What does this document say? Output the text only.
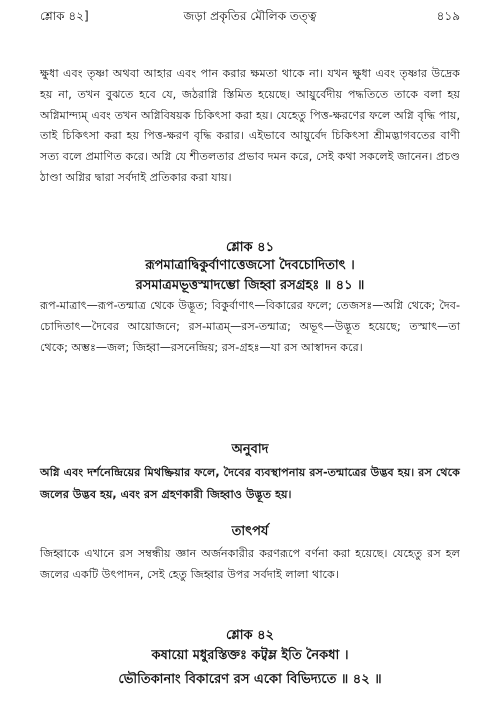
শ্লোক ৪২]	জড়া প্রকৃতির মৌলিক তত্ত্ব	৪১৯

ক্ষুধা এবং তৃষ্ণা অথবা আহার এবং পান করার ক্ষমতা থাকে না। যখন ক্ষুধা এবং তৃষ্ণার উদ্রেক হয় না, তখন বুঝতে হবে যে, জঠরাগ্নি স্তিমিত হয়েছে। আয়ুর্বেদীয় পদ্ধতিতে তাকে বলা হয় অগ্নিমান্দ্যম্ এবং তখন অগ্নিবিষয়ক চিকিৎসা করা হয়। যেহেতু পিত্ত-ক্ষরণের ফলে অগ্নি বৃদ্ধি পায়, তাই চিকিৎসা করা হয় পিত্ত-ক্ষরণ বৃদ্ধি করার। এইভাবে আয়ুর্বেদ চিকিৎসা শ্রীমদ্ভাগবতের বাণী সত্য বলে প্রমাণিত করে। অগ্নি যে শীতলতার প্রভাব দমন করে, সেই কথা সকলেই জানেন। প্রচণ্ড ঠাণ্ডা অগ্নির দ্বারা সর্বদাই প্রতিকার করা যায়।

শ্লোক ৪১

রূপমাত্রাদ্বিকুর্বাণাত্তেজসো দৈবচোদিতাৎ ।

রসমাত্রমভূত্তস্মাদম্ভো জিহ্বা রসগ্রহঃ ॥ ৪১ ॥

রূপ-মাত্রাৎ—রূপ-তন্মাত্র থেকে উদ্ভূত; বিকুর্বাণাৎ—বিকারের ফলে; তেজসঃ—অগ্নি থেকে; দৈব-চোদিতাৎ—দৈবের আয়োজনে; রস-মাত্রম্—রস-তন্মাত্র; অভূৎ—উদ্ভূত হয়েছে; তস্মাৎ—তা থেকে; অম্ভঃ—জল; জিহ্বা—রসনেন্দ্রিয়; রস-গ্রহঃ—যা রস আস্বাদন করে।

অনুবাদ

অগ্নি এবং দর্শনেন্দ্রিয়ের মিথষ্ক্রিয়ার ফলে, দৈবের ব্যবস্থাপনায় রস-তন্মাত্রের উদ্ভব হয়। রস থেকে জলের উদ্ভব হয়, এবং রস গ্রহণকারী জিহ্বাও উদ্ভূত হয়।

তাৎপর্য

জিহ্বাকে এখানে রস সম্বন্ধীয় জ্ঞান অর্জনকারীর করণরূপে বর্ণনা করা হয়েছে। যেহেতু রস হল জলের একটি উৎপাদন, সেই হেতু জিহ্বার উপর সর্বদাই লালা থাকে।

শ্লোক ৪২

কষায়ো মধুরস্তিক্তঃ কট্বম্ল ইতি নৈকধা ।

ভৌতিকানাং বিকারেণ রস একো বিভিদ্যতে ॥ ৪২ ॥
